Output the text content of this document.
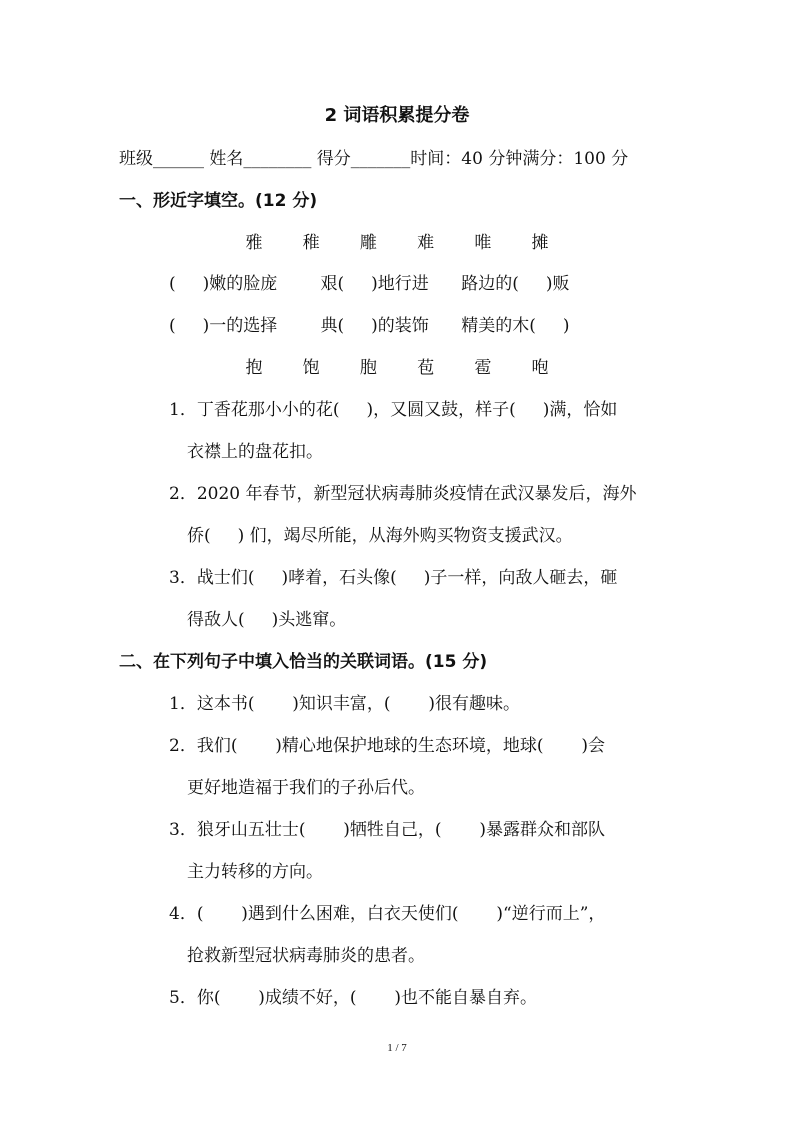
2 词语积累提分卷
班级______ 姓名________ 得分_______时间：40 分钟满分：100 分
一、形近字填空。(12 分)
雅   稚   雕   难   唯   摊
(     )嫩的脸庞        艰(     )地行进      路边的(     )贩
(     )一的选择        典(     )的装饰      精美的木(     )
抱   饱   胞   苞   雹   咆
1．丁香花那小小的花(     )，又圆又鼓，样子(     )满，恰如
衣襟上的盘花扣。
2．2020 年春节，新型冠状病毒肺炎疫情在武汉暴发后，海外
侨(     ) 们，竭尽所能，从海外购买物资支援武汉。
3．战士们(     )哮着，石头像(     )子一样，向敌人砸去，砸
得敌人(     )头逃窜。
二、在下列句子中填入恰当的关联词语。(15 分)
1．这本书(       )知识丰富，(       )很有趣味。
2．我们(       )精心地保护地球的生态环境，地球(       )会
更好地造福于我们的子孙后代。
3．狼牙山五壮士(       )牺牲自己，(       )暴露群众和部队
主力转移的方向。
4．(       )遇到什么困难，白衣天使们(       )“逆行而上”，
抢救新型冠状病毒肺炎的患者。
5．你(       )成绩不好，(       )也不能自暴自弃。
1 / 7
